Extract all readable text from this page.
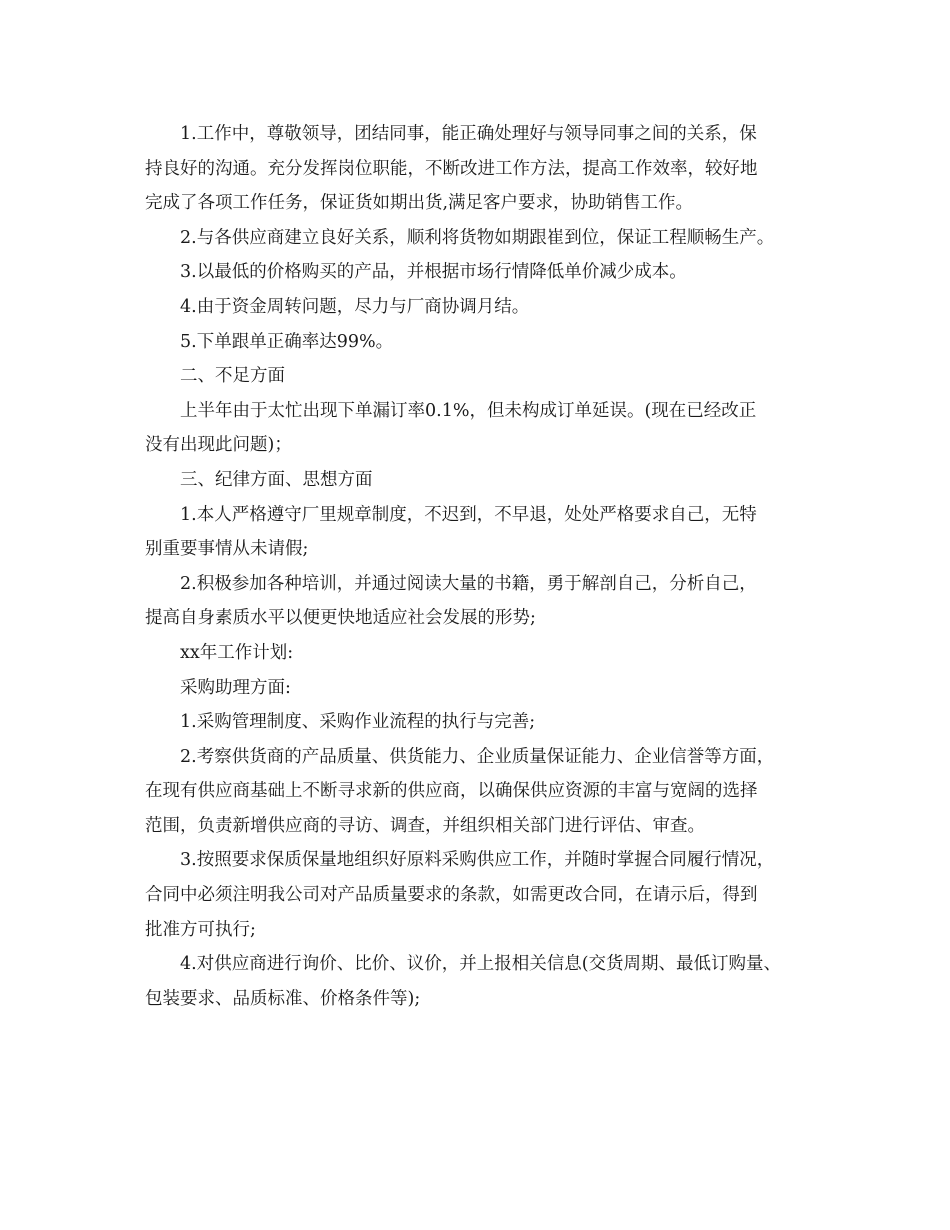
1.工作中，尊敬领导，团结同事，能正确处理好与领导同事之间的关系，保
持良好的沟通。充分发挥岗位职能，不断改进工作方法，提高工作效率，较好地
完成了各项工作任务，保证货如期出货,满足客户要求，协助销售工作。
2.与各供应商建立良好关系，顺利将货物如期跟崔到位，保证工程顺畅生产。
3.以最低的价格购买的产品，并根据市场行情降低单价减少成本。
4.由于资金周转问题，尽力与厂商协调月结。
5.下单跟单正确率达99%。
二、不足方面
上半年由于太忙出现下单漏订率0.1%，但未构成订单延误。(现在已经改正
没有出现此问题)；
三、纪律方面、思想方面
1.本人严格遵守厂里规章制度，不迟到，不早退，处处严格要求自己，无特
别重要事情从未请假;
2.积极参加各种培训，并通过阅读大量的书籍，勇于解剖自己，分析自己，
提高自身素质水平以便更快地适应社会发展的形势;
xx年工作计划:
采购助理方面:
1.采购管理制度、采购作业流程的执行与完善;
2.考察供货商的产品质量、供货能力、企业质量保证能力、企业信誉等方面，
在现有供应商基础上不断寻求新的供应商，以确保供应资源的丰富与宽阔的选择
范围，负责新增供应商的寻访、调查，并组织相关部门进行评估、审查。
3.按照要求保质保量地组织好原料采购供应工作，并随时掌握合同履行情况，
合同中必须注明我公司对产品质量要求的条款，如需更改合同，在请示后，得到
批准方可执行;
4.对供应商进行询价、比价、议价，并上报相关信息(交货周期、最低订购量、
包装要求、品质标准、价格条件等);
